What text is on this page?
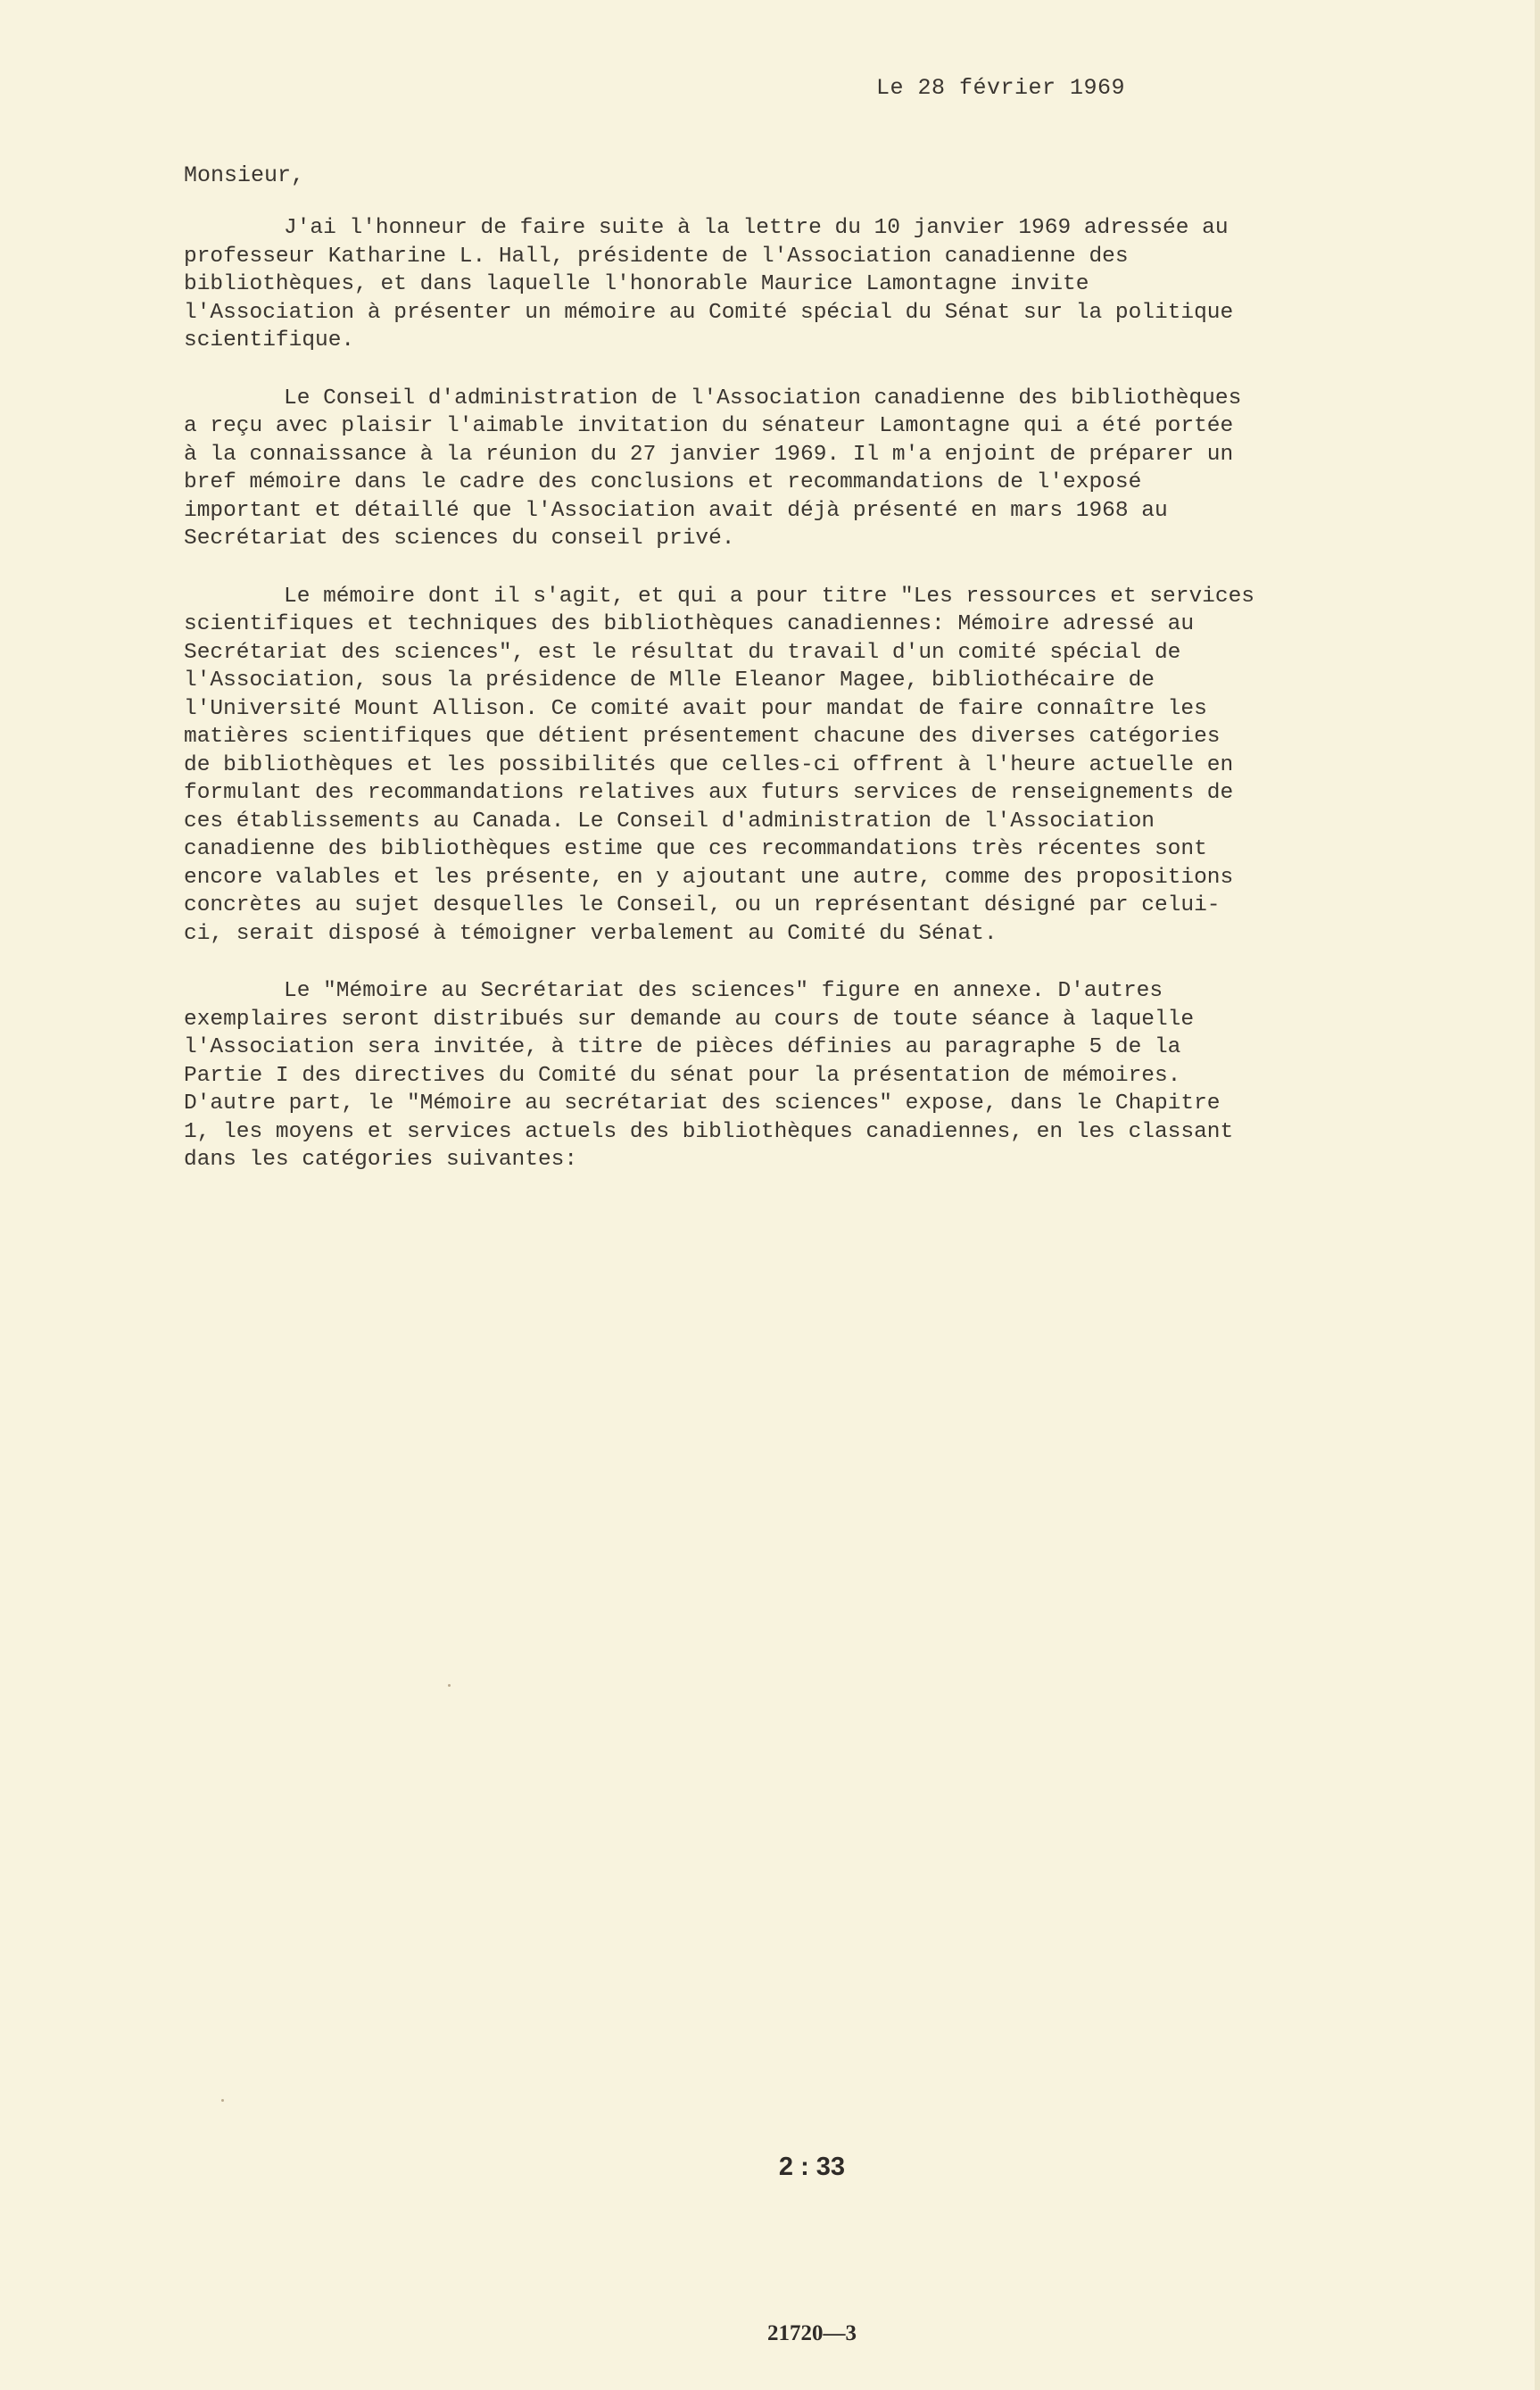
Le 28 février 1969
Monsieur,

J'ai l'honneur de faire suite à la lettre du 10 janvier 1969 adressée au professeur Katharine L. Hall, présidente de l'Association canadienne des bibliothèques, et dans laquelle l'honorable Maurice Lamontagne invite l'Association à présenter un mémoire au Comité spécial du Sénat sur la politique scientifique.

Le Conseil d'administration de l'Association canadienne des bibliothèques a reçu avec plaisir l'aimable invitation du sénateur Lamontagne qui a été portée à la connaissance à la réunion du 27 janvier 1969. Il m'a enjoint de préparer un bref mémoire dans le cadre des conclusions et recommandations de l'exposé important et détaillé que l'Association avait déjà présenté en mars 1968 au Secrétariat des sciences du conseil privé.

Le mémoire dont il s'agit, et qui a pour titre "Les ressources et services scientifiques et techniques des bibliothèques canadiennes: Mémoire adressé au Secrétariat des sciences", est le résultat du travail d'un comité spécial de l'Association, sous la présidence de Mlle Eleanor Magee, bibliothécaire de l'Université Mount Allison. Ce comité avait pour mandat de faire connaître les matières scientifiques que détient présentement chacune des diverses catégories de bibliothèques et les possibilités que celles-ci offrent à l'heure actuelle en formulant des recommandations relatives aux futurs services de renseignements de ces établissements au Canada. Le Conseil d'administration de l'Association canadienne des bibliothèques estime que ces recommandations très récentes sont encore valables et les présente, en y ajoutant une autre, comme des propositions concrètes au sujet desquelles le Conseil, ou un représentant désigné par celui-ci, serait disposé à témoigner verbalement au Comité du Sénat.

Le "Mémoire au Secrétariat des sciences" figure en annexe. D'autres exemplaires seront distribués sur demande au cours de toute séance à laquelle l'Association sera invitée, à titre de pièces définies au paragraphe 5 de la Partie I des directives du Comité du sénat pour la présentation de mémoires. D'autre part, le "Mémoire au secrétariat des sciences" expose, dans le Chapitre 1, les moyens et services actuels des bibliothèques canadiennes, en les classant dans les catégories suivantes:

2 : 33
21720—3
